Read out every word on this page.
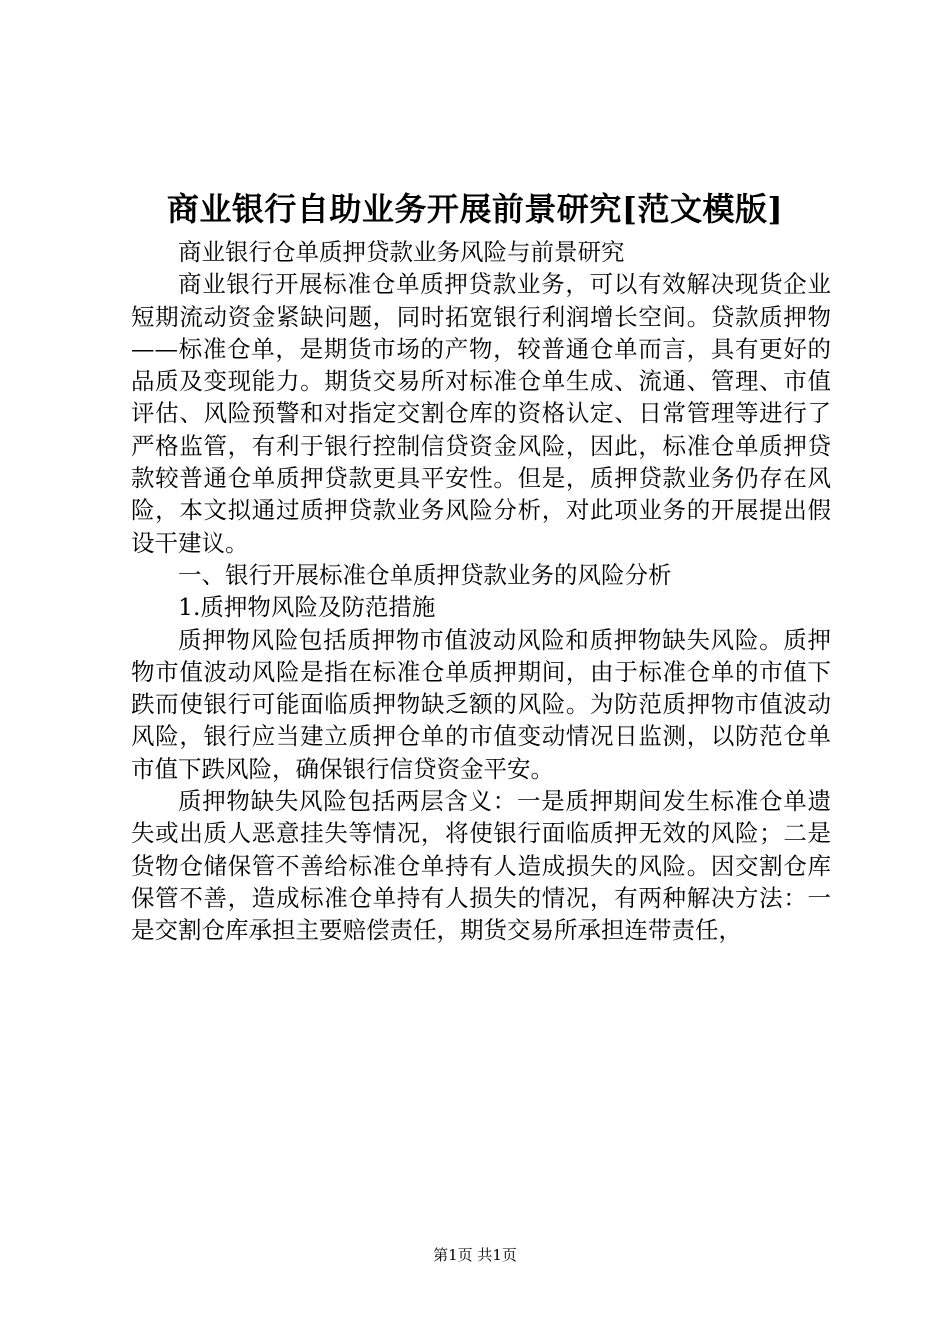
商业银行自助业务开展前景研究[范文模版]

商业银行仓单质押贷款业务风险与前景研究

商业银行开展标准仓单质押贷款业务，可以有效解决现货企业短期流动资金紧缺问题，同时拓宽银行利润增长空间。贷款质押物——标准仓单，是期货市场的产物，较普通仓单而言，具有更好的品质及变现能力。期货交易所对标准仓单生成、流通、管理、市值评估、风险预警和对指定交割仓库的资格认定、日常管理等进行了严格监管，有利于银行控制信贷资金风险，因此，标准仓单质押贷款较普通仓单质押贷款更具平安性。但是，质押贷款业务仍存在风险，本文拟通过质押贷款业务风险分析，对此项业务的开展提出假设干建议。

一、银行开展标准仓单质押贷款业务的风险分析

1.质押物风险及防范措施

质押物风险包括质押物市值波动风险和质押物缺失风险。质押物市值波动风险是指在标准仓单质押期间，由于标准仓单的市值下跌而使银行可能面临质押物缺乏额的风险。为防范质押物市值波动风险，银行应当建立质押仓单的市值变动情况日监测，以防范仓单市值下跌风险，确保银行信贷资金平安。

质押物缺失风险包括两层含义：一是质押期间发生标准仓单遗失或出质人恶意挂失等情况，将使银行面临质押无效的风险；二是货物仓储保管不善给标准仓单持有人造成损失的风险。因交割仓库保管不善，造成标准仓单持有人损失的情况，有两种解决方法：一是交割仓库承担主要赔偿责任，期货交易所承担连带责任，

第1页 共1页
